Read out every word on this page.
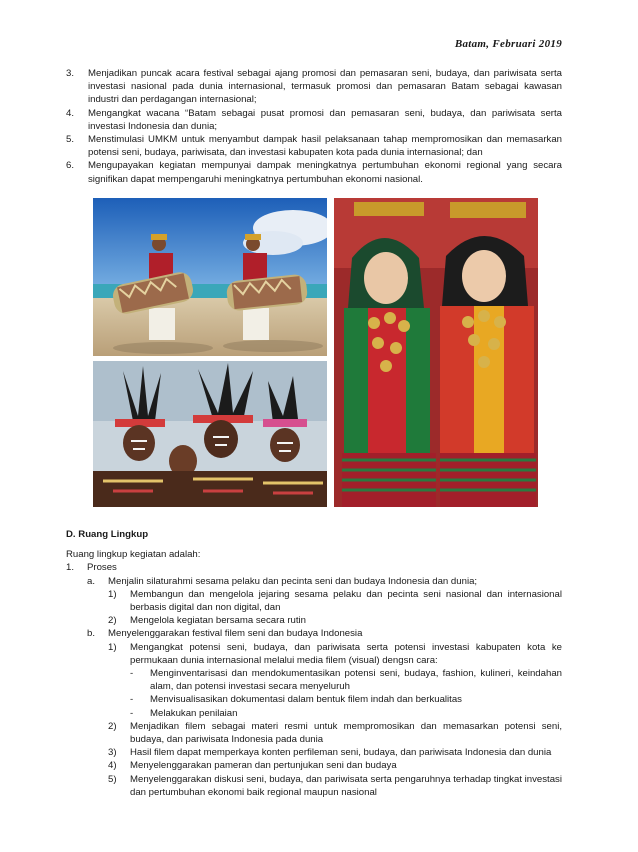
Batam, Februari 2019
3.	Menjadikan puncak acara festival sebagai ajang promosi dan pemasaran seni, budaya, dan pariwisata serta investasi nasional pada dunia internasional, termasuk promosi dan pemasaran Batam sebagai kawasan industri dan perdagangan internasional;
4.	Mengangkat wacana “Batam sebagai pusat promosi dan pemasaran seni, budaya, dan pariwisata serta investasi Indonesia dan dunia;
5.	Menstimulasi UMKM untuk menyambut dampak hasil pelaksanaan tahap mempromosikan dan memasarkan potensi seni, budaya, pariwisata, dan investasi kabupaten kota pada dunia internasional; dan
6.	Mengupayakan kegiatan mempunyai dampak meningkatnya pertumbuhan ekonomi regional yang secara signifikan dapat mempengaruhi meningkatnya pertumbuhan ekonomi nasional.
D. Ruang Lingkup
Ruang lingkup kegiatan adalah:
1.	Proses
a.	Menjalin silaturahmi sesama pelaku dan pecinta seni dan budaya Indonesia dan dunia;
1)	Membangun dan mengelola jejaring sesama pelaku dan pecinta seni nasional dan internasional berbasis digital dan non digital, dan
2)	Mengelola kegiatan bersama secara rutin
b.	Menyelenggarakan festival filem seni dan budaya Indonesia
1)	Mengangkat potensi seni, budaya, dan pariwisata serta potensi investasi kabupaten kota ke permukaan dunia internasional melalui media filem (visual) dengsn cara:
-	Menginventarisasi dan mendokumentasikan potensi seni, budaya, fashion, kulineri, keindahan alam, dan potensi investasi secara menyeluruh
-	Menvisualisasikan dokumentasi dalam bentuk filem indah dan berkualitas
-	Melakukan penilaian
2)	Menjadikan filem sebagai materi resmi untuk mempromosikan dan memasarkan potensi seni, budaya, dan pariwisata Indonesia pada dunia
3)	Hasil filem dapat memperkaya konten perfileman seni, budaya, dan pariwisata Indonesia dan dunia
4)	Menyelenggarakan pameran dan pertunjukan seni dan budaya
5)	Menyelenggarakan diskusi seni, budaya, dan pariwisata serta pengaruhnya terhadap tingkat investasi dan pertumbuhan ekonomi baik regional maupun nasional
